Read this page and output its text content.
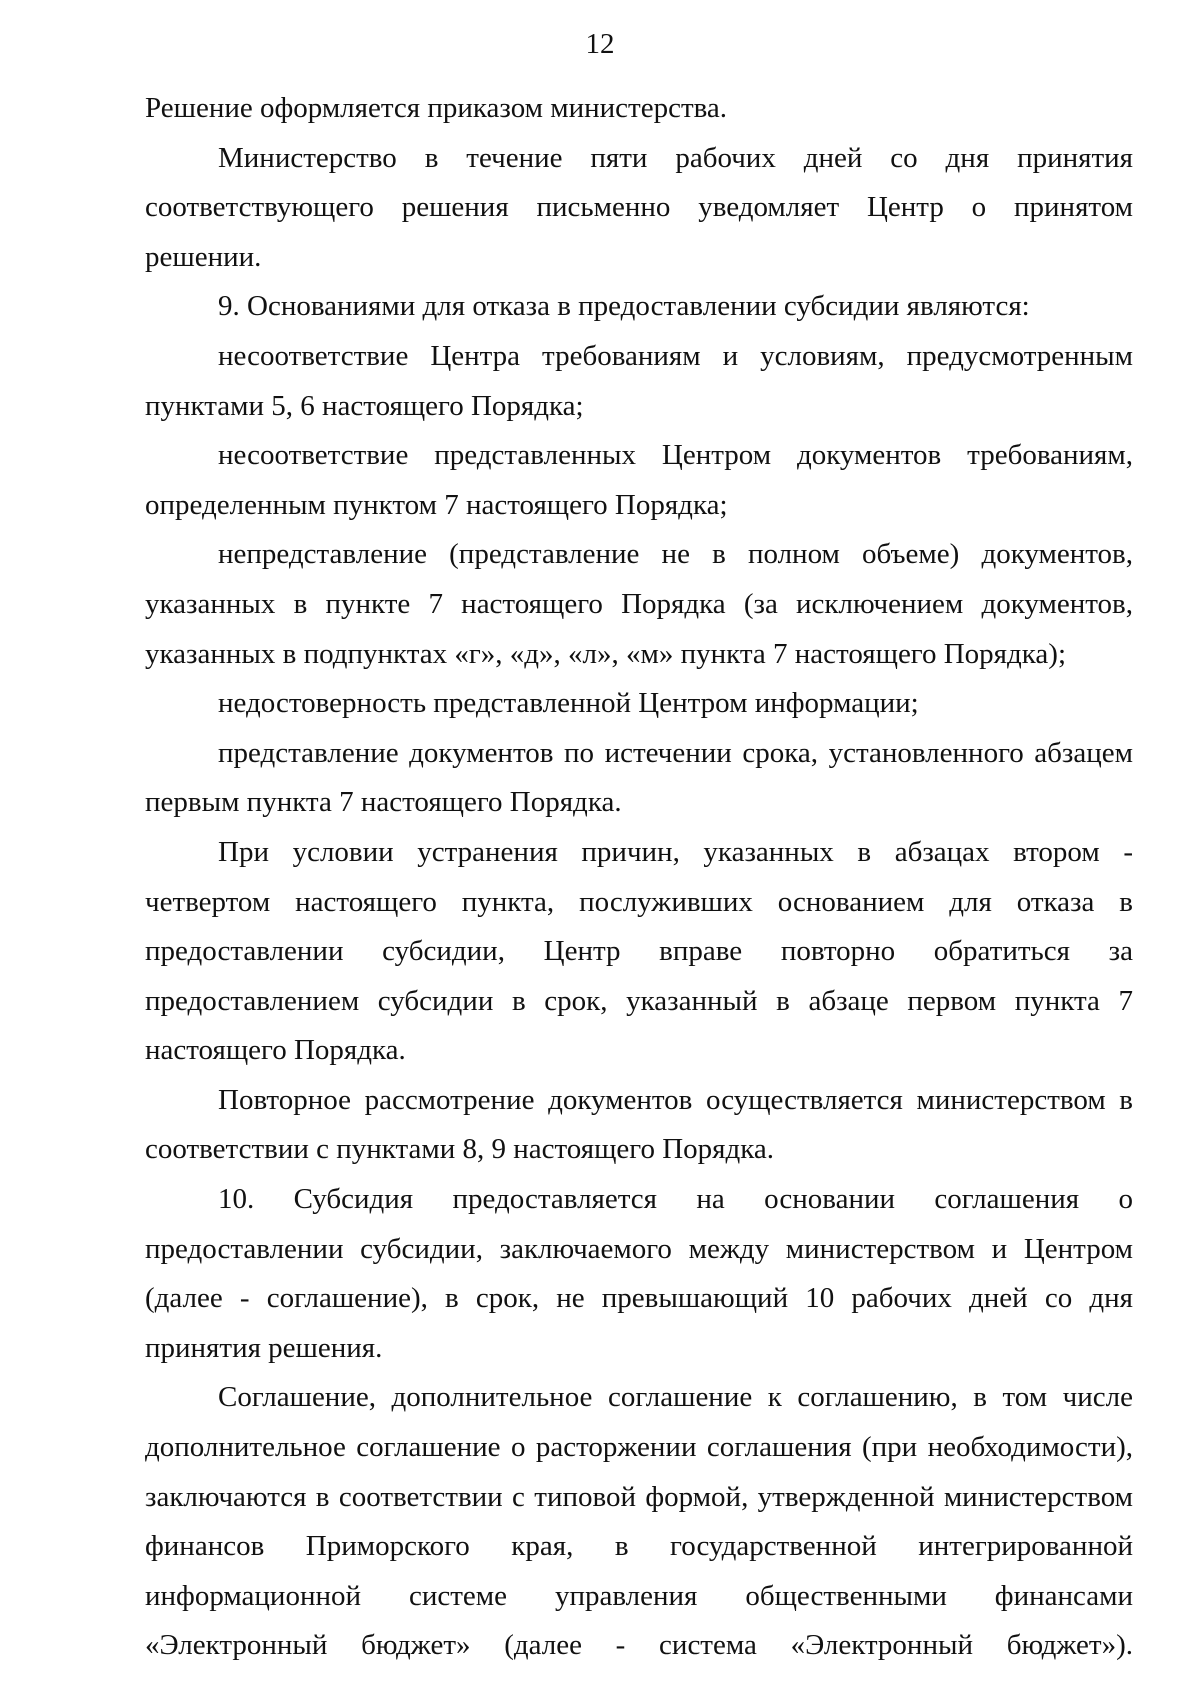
12

Решение оформляется приказом министерства.

Министерство в течение пяти рабочих дней со дня принятия соответствующего решения письменно уведомляет Центр о принятом решении.

9. Основаниями для отказа в предоставлении субсидии являются:

несоответствие Центра требованиям и условиям, предусмотренным пунктами 5, 6 настоящего Порядка;

несоответствие представленных Центром документов требованиям, определенным пунктом 7 настоящего Порядка;

непредставление (представление не в полном объеме) документов, указанных в пункте 7 настоящего Порядка (за исключением документов, указанных в подпунктах «г», «д», «л», «м» пункта 7 настоящего Порядка);

недостоверность представленной Центром информации;

представление документов по истечении срока, установленного абзацем первым пункта 7 настоящего Порядка.

При условии устранения причин, указанных в абзацах втором - четвертом настоящего пункта, послуживших основанием для отказа в предоставлении субсидии, Центр вправе повторно обратиться за предоставлением субсидии в срок, указанный в абзаце первом пункта 7 настоящего Порядка.

Повторное рассмотрение документов осуществляется министерством в соответствии с пунктами 8, 9 настоящего Порядка.

10. Субсидия предоставляется на основании соглашения о предоставлении субсидии, заключаемого между министерством и Центром (далее - соглашение), в срок, не превышающий 10 рабочих дней со дня принятия решения.

Соглашение, дополнительное соглашение к соглашению, в том числе дополнительное соглашение о расторжении соглашения (при необходимости), заключаются в соответствии с типовой формой, утвержденной министерством финансов Приморского края, в государственной интегрированной информационной системе управления общественными финансами «Электронный бюджет» (далее - система «Электронный бюджет»).
